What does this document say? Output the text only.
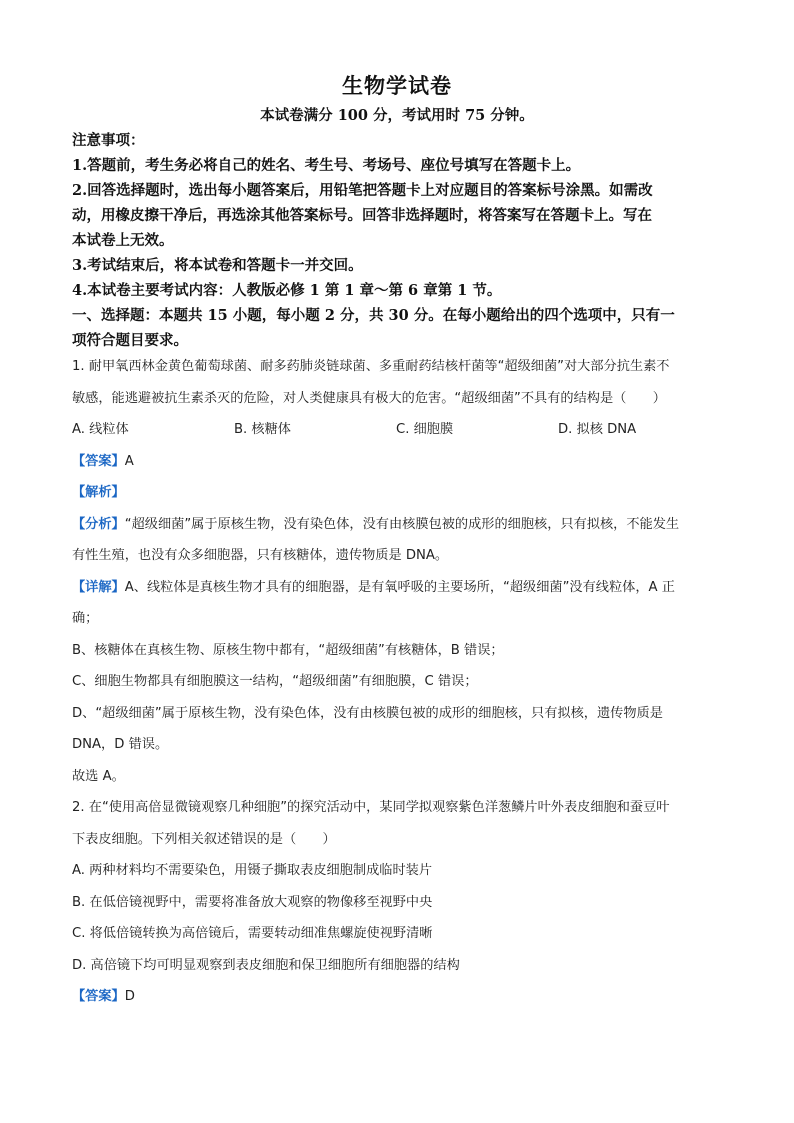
生物学试卷
本试卷满分 100 分，考试用时 75 分钟。

注意事项：

1.答题前，考生务必将自己的姓名、考生号、考场号、座位号填写在答题卡上。

2.回答选择题时，选出每小题答案后，用铅笔把答题卡上对应题目的答案标号涂黑。如需改

动，用橡皮擦干净后，再选涂其他答案标号。回答非选择题时，将答案写在答题卡上。写在

本试卷上无效。

3.考试结束后，将本试卷和答题卡一并交回。

4.本试卷主要考试内容：人教版必修 1 第 1 章～第 6 章第 1 节。

一、选择题：本题共 15 小题，每小题 2 分，共 30 分。在每小题给出的四个选项中，只有一

项符合题目要求。

1. 耐甲氧西林金黄色葡萄球菌、耐多药肺炎链球菌、多重耐药结核杆菌等“超级细菌”对大部分抗生素不

敏感，能逃避被抗生素杀灭的危险，对人类健康具有极大的危害。“超级细菌”不具有的结构是（　　）

A. 线粒体	B. 核糖体	C. 细胞膜	D. 拟核 DNA

【答案】A

【解析】

【分析】“超级细菌”属于原核生物，没有染色体，没有由核膜包被的成形的细胞核，只有拟核，不能发生

有性生殖，也没有众多细胞器，只有核糖体，遗传物质是 DNA。

【详解】A、线粒体是真核生物才具有的细胞器，是有氧呼吸的主要场所，“超级细菌”没有线粒体，A 正

确；

B、核糖体在真核生物、原核生物中都有，“超级细菌”有核糖体，B 错误；

C、细胞生物都具有细胞膜这一结构，“超级细菌”有细胞膜，C 错误；

D、“超级细菌”属于原核生物，没有染色体，没有由核膜包被的成形的细胞核，只有拟核，遗传物质是

DNA，D 错误。

故选 A。

2. 在“使用高倍显微镜观察几种细胞”的探究活动中，某同学拟观察紫色洋葱鳞片叶外表皮细胞和蚕豆叶

下表皮细胞。下列相关叙述错误的是（　　）

A. 两种材料均不需要染色，用镊子撕取表皮细胞制成临时装片

B. 在低倍镜视野中，需要将准备放大观察的物像移至视野中央

C. 将低倍镜转换为高倍镜后，需要转动细准焦螺旋使视野清晰

D. 高倍镜下均可明显观察到表皮细胞和保卫细胞所有细胞器的结构

【答案】D
